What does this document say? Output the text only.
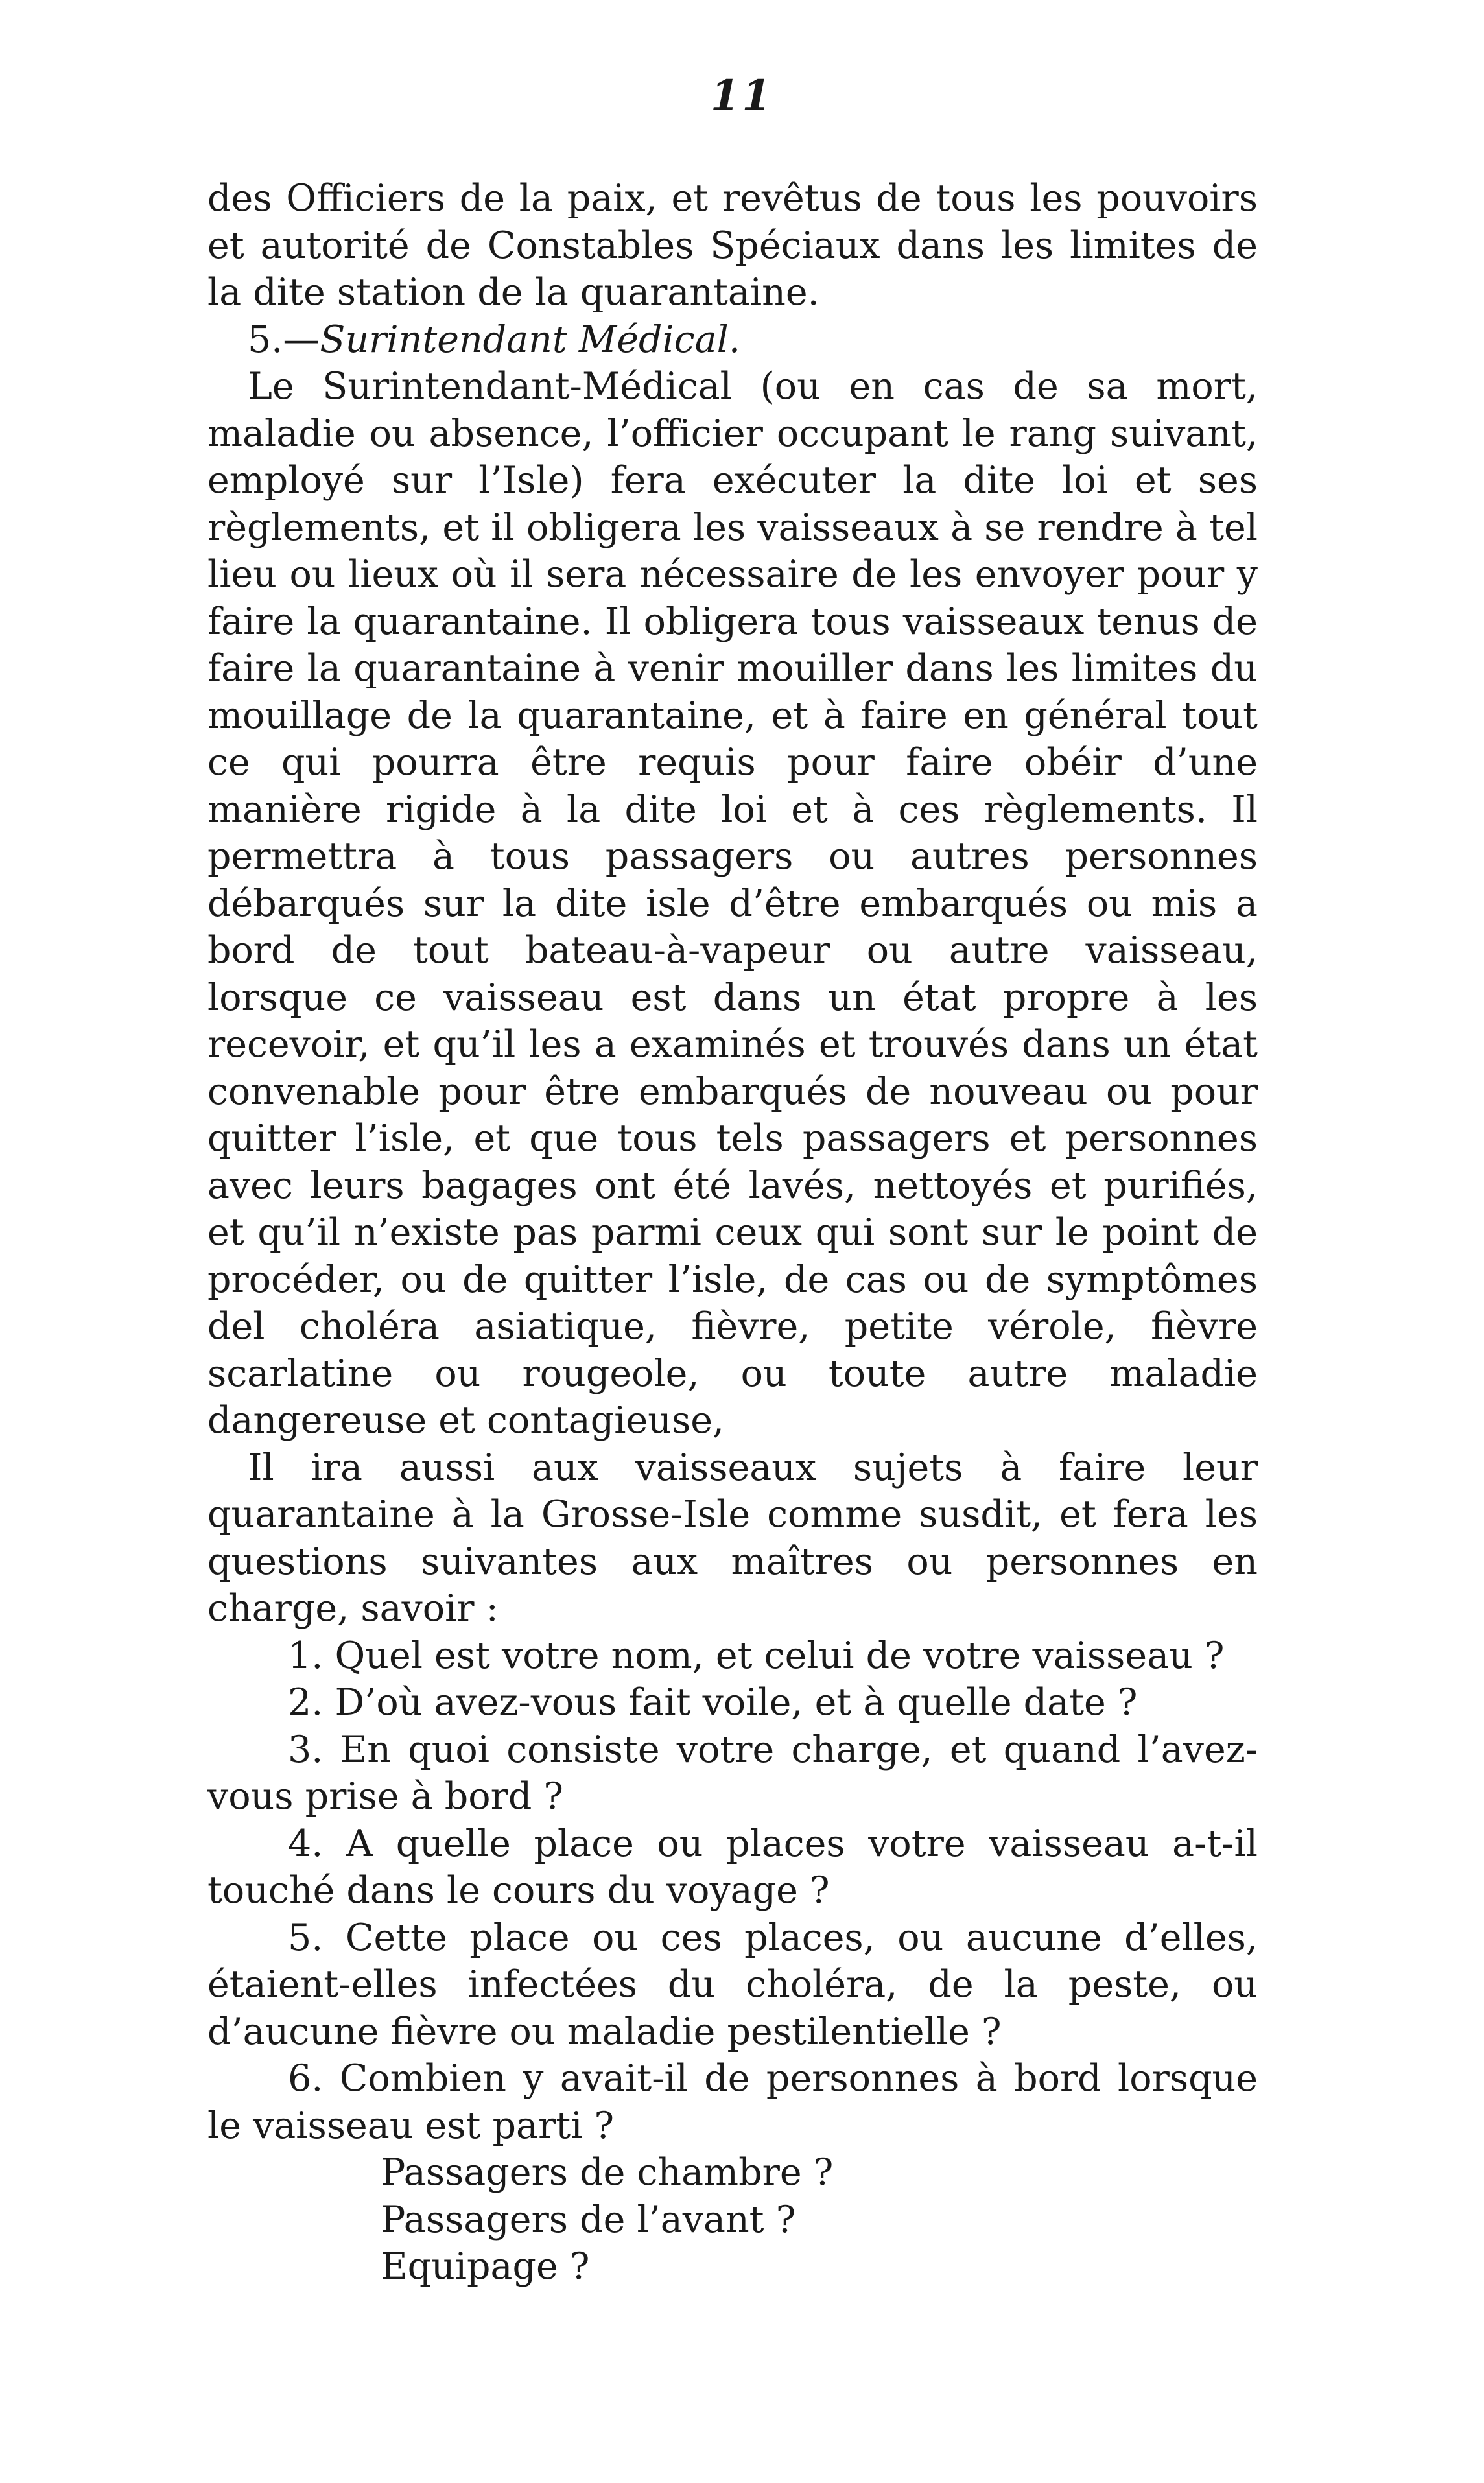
11

des Officiers de la paix, et revêtus de tous les pouvoirs et autorité de Constables Spéciaux dans les limites de la dite station de la quarantaine.

5.—Surintendant Médical.

Le Surintendant-Médical (ou en cas de sa mort, maladie ou absence, l’officier occupant le rang suivant, employé sur l’Isle) fera exécuter la dite loi et ses règlements, et il obligera les vaisseaux à se rendre à tel lieu ou lieux où il sera nécessaire de les envoyer pour y faire la quarantaine. Il obligera tous vaisseaux tenus de faire la quarantaine à venir mouiller dans les limites du mouillage de la quarantaine, et à faire en général tout ce qui pourra être requis pour faire obéir d’une manière rigide à la dite loi et à ces règlements. Il permettra à tous passagers ou autres personnes débarqués sur la dite isle d’être embarqués ou mis a bord de tout bateau-à-vapeur ou autre vaisseau, lorsque ce vaisseau est dans un état propre à les recevoir, et qu’il les a examinés et trouvés dans un état convenable pour être embarqués de nouveau ou pour quitter l’isle, et que tous tels passagers et personnes avec leurs bagages ont été lavés, nettoyés et purifiés, et qu’il n’existe pas parmi ceux qui sont sur le point de procéder, ou de quitter l’isle, de cas ou de symptômes del choléra asiatique, fièvre, petite vérole, fièvre scarlatine ou rougeole, ou toute autre maladie dangereuse et contagieuse,

Il ira aussi aux vaisseaux sujets à faire leur quarantaine à la Grosse-Isle comme susdit, et fera les questions suivantes aux maîtres ou personnes en charge, savoir :

1. Quel est votre nom, et celui de votre vaisseau ?

2. D’où avez-vous fait voile, et à quelle date ?

3. En quoi consiste votre charge, et quand l’avez-vous prise à bord ?

4. A quelle place ou places votre vaisseau a-t-il touché dans le cours du voyage ?

5. Cette place ou ces places, ou aucune d’elles, étaient-elles infectées du choléra, de la peste, ou d’aucune fièvre ou maladie pestilentielle ?

6. Combien y avait-il de personnes à bord lorsque le vaisseau est parti ?

Passagers de chambre ?

Passagers de l’avant ?

Equipage ?
